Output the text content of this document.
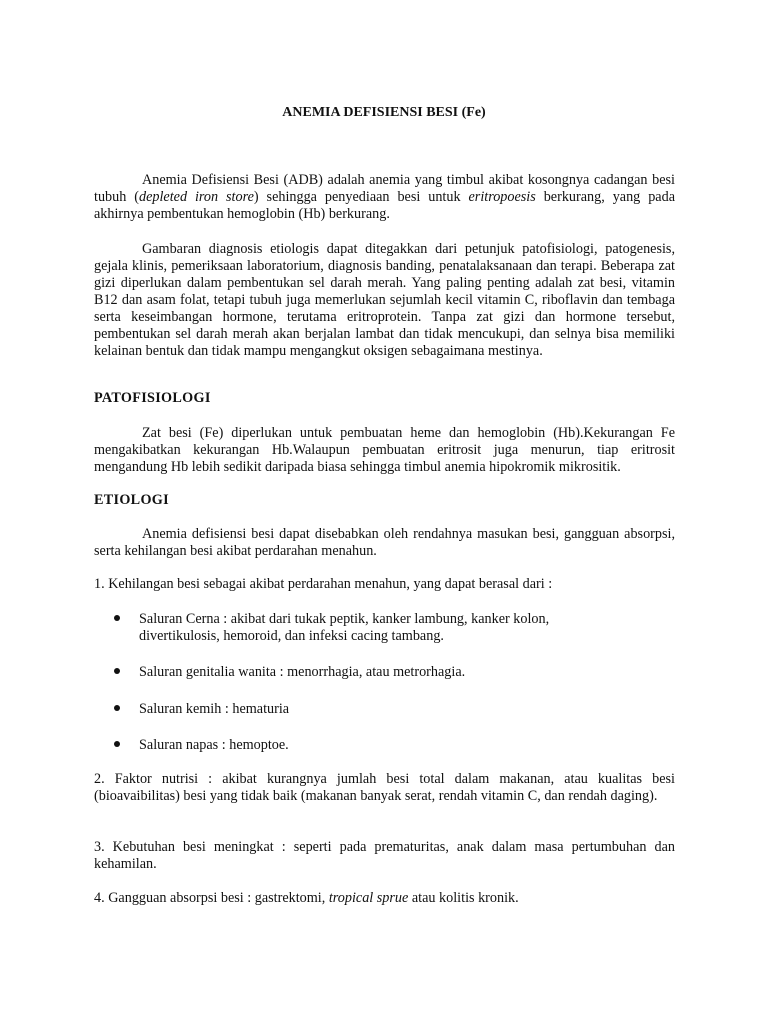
ANEMIA DEFISIENSI BESI (Fe)

Anemia Defisiensi Besi (ADB) adalah anemia yang timbul akibat kosongnya cadangan besi tubuh (depleted iron store) sehingga penyediaan besi untuk eritropoesis berkurang, yang pada akhirnya pembentukan hemoglobin (Hb) berkurang.

Gambaran diagnosis etiologis dapat ditegakkan dari petunjuk patofisiologi, patogenesis, gejala klinis, pemeriksaan laboratorium, diagnosis banding, penatalaksanaan dan terapi. Beberapa zat gizi diperlukan dalam pembentukan sel darah merah. Yang paling penting adalah zat besi, vitamin B12 dan asam folat, tetapi tubuh juga memerlukan sejumlah kecil vitamin C, riboflavin dan tembaga serta keseimbangan hormone, terutama eritroprotein. Tanpa zat gizi dan hormone tersebut, pembentukan sel darah merah akan berjalan lambat dan tidak mencukupi, dan selnya bisa memiliki kelainan bentuk dan tidak mampu mengangkut oksigen sebagaimana mestinya.

PATOFISIOLOGI

Zat besi (Fe) diperlukan untuk pembuatan heme dan hemoglobin (Hb).Kekurangan Fe mengakibatkan kekurangan Hb.Walaupun pembuatan eritrosit juga menurun, tiap eritrosit mengandung Hb lebih sedikit daripada biasa sehingga timbul anemia hipokromik mikrositik.

ETIOLOGI

Anemia defisiensi besi dapat disebabkan oleh rendahnya masukan besi, gangguan absorpsi, serta kehilangan besi akibat perdarahan menahun.

1. Kehilangan besi sebagai akibat perdarahan menahun, yang dapat berasal dari :

Saluran Cerna : akibat dari tukak peptik, kanker lambung, kanker kolon, divertikulosis, hemoroid, dan infeksi cacing tambang.

Saluran genitalia wanita : menorrhagia, atau metrorhagia.

Saluran kemih : hematuria

Saluran napas : hemoptoe.

2. Faktor nutrisi : akibat kurangnya jumlah besi total dalam makanan, atau kualitas besi (bioavaibilitas) besi yang tidak baik (makanan banyak serat, rendah vitamin C, dan rendah daging).

3. Kebutuhan besi meningkat : seperti pada prematuritas, anak dalam masa pertumbuhan dan kehamilan.

4. Gangguan absorpsi besi : gastrektomi, tropical sprue atau kolitis kronik.
